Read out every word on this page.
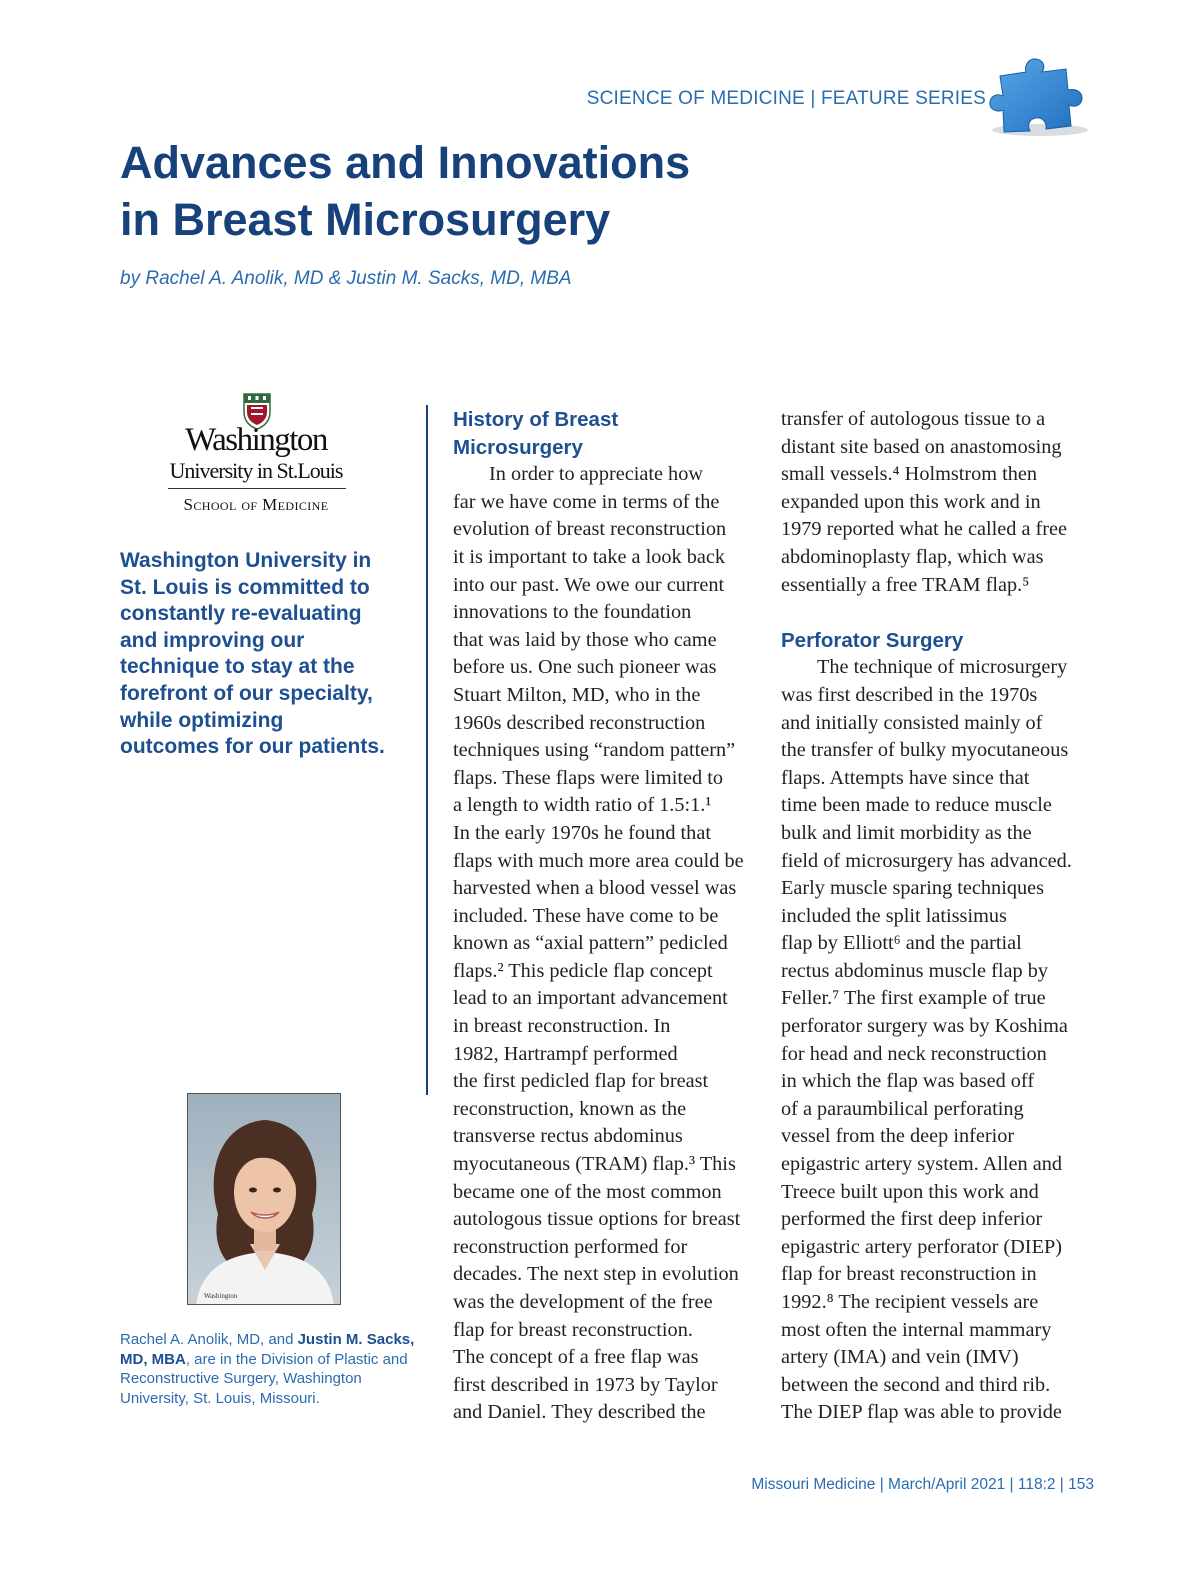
SCIENCE OF MEDICINE | FEATURE SERIES
Advances and Innovations
in Breast Microsurgery
by Rachel A. Anolik, MD & Justin M. Sacks, MD, MBA
Washington
University in St.Louis
School of Medicine

Washington University in
St. Louis is committed to
constantly re-evaluating
and improving our
technique to stay at the
forefront of our specialty,
while optimizing
outcomes for our patients.

Washington

Rachel A. Anolik, MD, and Justin M. Sacks, MD, MBA, are in the Division of Plastic and Reconstructive Surgery, Washington University, St. Louis, Missouri.

History of Breast
Microsurgery
In order to appreciate how
far we have come in terms of the
evolution of breast reconstruction
it is important to take a look back
into our past. We owe our current
innovations to the foundation
that was laid by those who came
before us. One such pioneer was
Stuart Milton, MD, who in the
1960s described reconstruction
techniques using “random pattern”
flaps. These flaps were limited to
a length to width ratio of 1.5:1.¹
In the early 1970s he found that
flaps with much more area could be
harvested when a blood vessel was
included. These have come to be
known as “axial pattern” pedicled
flaps.² This pedicle flap concept
lead to an important advancement
in breast reconstruction. In
1982, Hartrampf performed
the first pedicled flap for breast
reconstruction, known as the
transverse rectus abdominus
myocutaneous (TRAM) flap.³ This
became one of the most common
autologous tissue options for breast
reconstruction performed for
decades. The next step in evolution
was the development of the free
flap for breast reconstruction.
The concept of a free flap was
first described in 1973 by Taylor
and Daniel. They described the
transfer of autologous tissue to a
distant site based on anastomosing
small vessels.⁴ Holmstrom then
expanded upon this work and in
1979 reported what he called a free
abdominoplasty flap, which was
essentially a free TRAM flap.⁵
Perforator Surgery
The technique of microsurgery
was first described in the 1970s
and initially consisted mainly of
the transfer of bulky myocutaneous
flaps. Attempts have since that
time been made to reduce muscle
bulk and limit morbidity as the
field of microsurgery has advanced.
Early muscle sparing techniques
included the split latissimus
flap by Elliott⁶ and the partial
rectus abdominus muscle flap by
Feller.⁷ The first example of true
perforator surgery was by Koshima
for head and neck reconstruction
in which the flap was based off
of a paraumbilical perforating
vessel from the deep inferior
epigastric artery system. Allen and
Treece built upon this work and
performed the first deep inferior
epigastric artery perforator (DIEP)
flap for breast reconstruction in
1992.⁸ The recipient vessels are
most often the internal mammary
artery (IMA) and vein (IMV)
between the second and third rib.
The DIEP flap was able to provide
Missouri Medicine | March/April 2021 | 118:2 | 153
